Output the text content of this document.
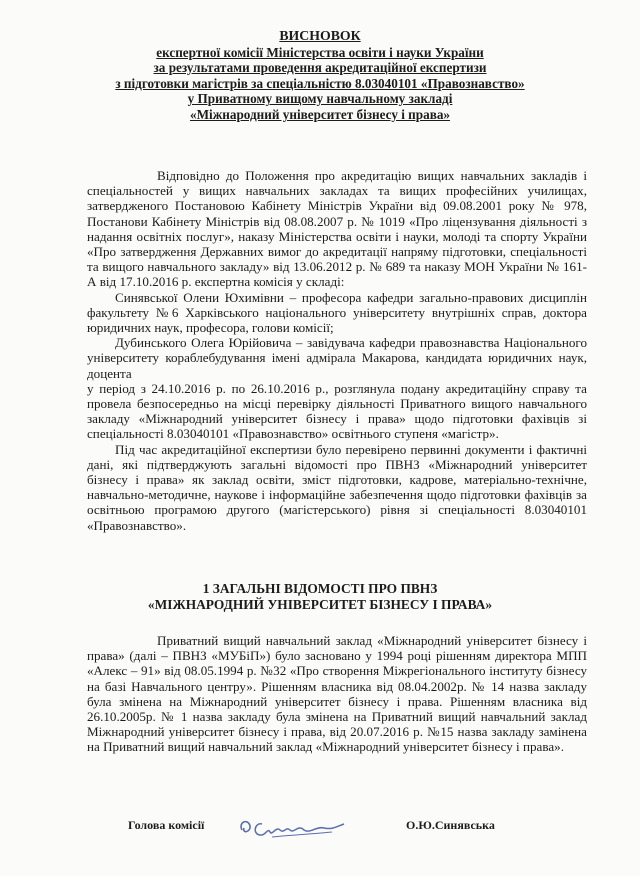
ВИСНОВОК
експертної комісії Міністерства освіти і науки України
за результатами проведення акредитаційної експертизи
з підготовки магістрів за спеціальністю 8.03040101 «Правознавство»
у Приватному вищому навчальному закладі
«Міжнародний університет бізнесу і права»

Відповідно до Положення про акредитацію вищих навчальних закладів і спеціальностей у вищих навчальних закладах та вищих професійних училищах, затвердженого Постановою Кабінету Міністрів України від 09.08.2001 року № 978, Постанови Кабінету Міністрів від 08.08.2007 р. № 1019 «Про ліцензування діяльності з надання освітніх послуг», наказу Міністерства освіти і науки, молоді та спорту України «Про затвердження Державних вимог до акредитації напряму підготовки, спеціальності та вищого навчального закладу» від 13.06.2012 р. № 689 та наказу МОН України № 161-А від 17.10.2016 р. експертна комісія у складі:

Синявської Олени Юхимівни – професора кафедри загально-правових дисциплін факультету №6 Харківського національного університету внутрішніх справ, доктора юридичних наук, професора, голови комісії;

Дубинського Олега Юрійовича – завідувача кафедри правознавства Національного університету кораблебудування імені адмірала Макарова, кандидата юридичних наук, доцента

у період з 24.10.2016 р. по 26.10.2016 р., розглянула подану акредитаційну справу та провела безпосередньо на місці перевірку діяльності Приватного вищого навчального закладу «Міжнародний університет бізнесу і права» щодо підготовки фахівців зі спеціальності 8.03040101 «Правознавство» освітнього ступеня «магістр».

Під час акредитаційної експертизи було перевірено первинні документи і фактичні дані, які підтверджують загальні відомості про ПВНЗ «Міжнародний університет бізнесу і права» як заклад освіти, зміст підготовки, кадрове, матеріально-технічне, навчально-методичне, наукове і інформаційне забезпечення щодо підготовки фахівців за освітньою програмою другого (магістерського) рівня зі спеціальності 8.03040101 «Правознавство».

1 ЗАГАЛЬНІ ВІДОМОСТІ ПРО ПВНЗ
«МІЖНАРОДНИЙ УНІВЕРСИТЕТ БІЗНЕСУ І ПРАВА»

Приватний вищий навчальний заклад «Міжнародний університет бізнесу і права» (далі – ПВНЗ «МУБіП») було засновано у 1994 році рішенням директора МПП «Алекс – 91» від 08.05.1994 р. №32 «Про створення Міжрегіонального інституту бізнесу на базі Навчального центру». Рішенням власника від 08.04.2002р. № 14 назва закладу була змінена на Міжнародний університет бізнесу і права. Рішенням власника від 26.10.2005р. № 1 назва закладу була змінена на Приватний вищий навчальний заклад Міжнародний університет бізнесу і права, від 20.07.2016 р. №15 назва закладу замінена на Приватний вищий навчальний заклад «Міжнародний університет бізнесу і права».

Голова комісії	О.Ю.Синявська
